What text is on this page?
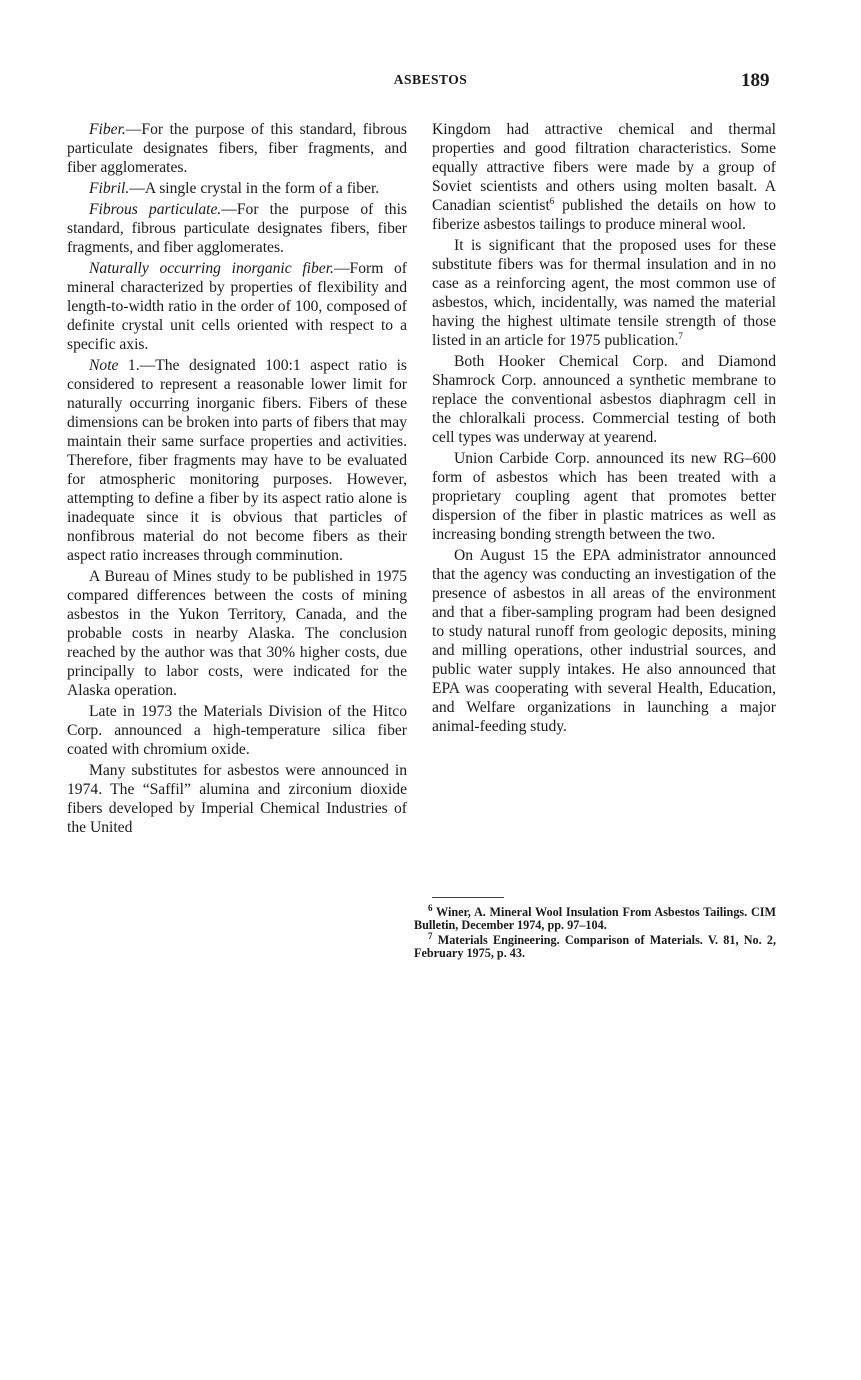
ASBESTOS	189

Fiber.—For the purpose of this standard, fibrous particulate designates fibers, fiber fragments, and fiber agglomerates.

Fibril.—A single crystal in the form of a fiber.

Fibrous particulate.—For the purpose of this standard, fibrous particulate designates fibers, fiber fragments, and fiber agglomerates.

Naturally occurring inorganic fiber.—Form of mineral characterized by properties of flexibility and length-to-width ratio in the order of 100, composed of definite crystal unit cells oriented with respect to a specific axis.

Note 1.—The designated 100:1 aspect ratio is considered to represent a reasonable lower limit for naturally occurring inorganic fibers. Fibers of these dimensions can be broken into parts of fibers that may maintain their same surface properties and activities. Therefore, fiber fragments may have to be evaluated for atmospheric monitoring purposes. However, attempting to define a fiber by its aspect ratio alone is inadequate since it is obvious that particles of nonfibrous material do not become fibers as their aspect ratio increases through comminution.

A Bureau of Mines study to be published in 1975 compared differences between the costs of mining asbestos in the Yukon Territory, Canada, and the probable costs in nearby Alaska. The conclusion reached by the author was that 30% higher costs, due principally to labor costs, were indicated for the Alaska operation.

Late in 1973 the Materials Division of the Hitco Corp. announced a high-temperature silica fiber coated with chromium oxide.

Many substitutes for asbestos were announced in 1974. The “Saffil” alumina and zirconium dioxide fibers developed by Imperial Chemical Industries of the United

Kingdom had attractive chemical and thermal properties and good filtration characteristics. Some equally attractive fibers were made by a group of Soviet scientists and others using molten basalt. A Canadian scientist$^6$ published the details on how to fiberize asbestos tailings to produce mineral wool.

It is significant that the proposed uses for these substitute fibers was for thermal insulation and in no case as a reinforcing agent, the most common use of asbestos, which, incidentally, was named the material having the highest ultimate tensile strength of those listed in an article for 1975 publication.$^7$

Both Hooker Chemical Corp. and Diamond Shamrock Corp. announced a synthetic membrane to replace the conventional asbestos diaphragm cell in the chloralkali process. Commercial testing of both cell types was underway at yearend.

Union Carbide Corp. announced its new RG–600 form of asbestos which has been treated with a proprietary coupling agent that promotes better dispersion of the fiber in plastic matrices as well as increasing bonding strength between the two.

On August 15 the EPA administrator announced that the agency was conducting an investigation of the presence of asbestos in all areas of the environment and that a fiber-sampling program had been designed to study natural runoff from geologic deposits, mining and milling operations, other industrial sources, and public water supply intakes. He also announced that EPA was cooperating with several Health, Education, and Welfare organizations in launching a major animal-feeding study.

$^6$ Winer, A. Mineral Wool Insulation From Asbestos Tailings. CIM Bulletin, December 1974, pp. 97–104.

$^7$ Materials Engineering. Comparison of Materials. V. 81, No. 2, February 1975, p. 43.
